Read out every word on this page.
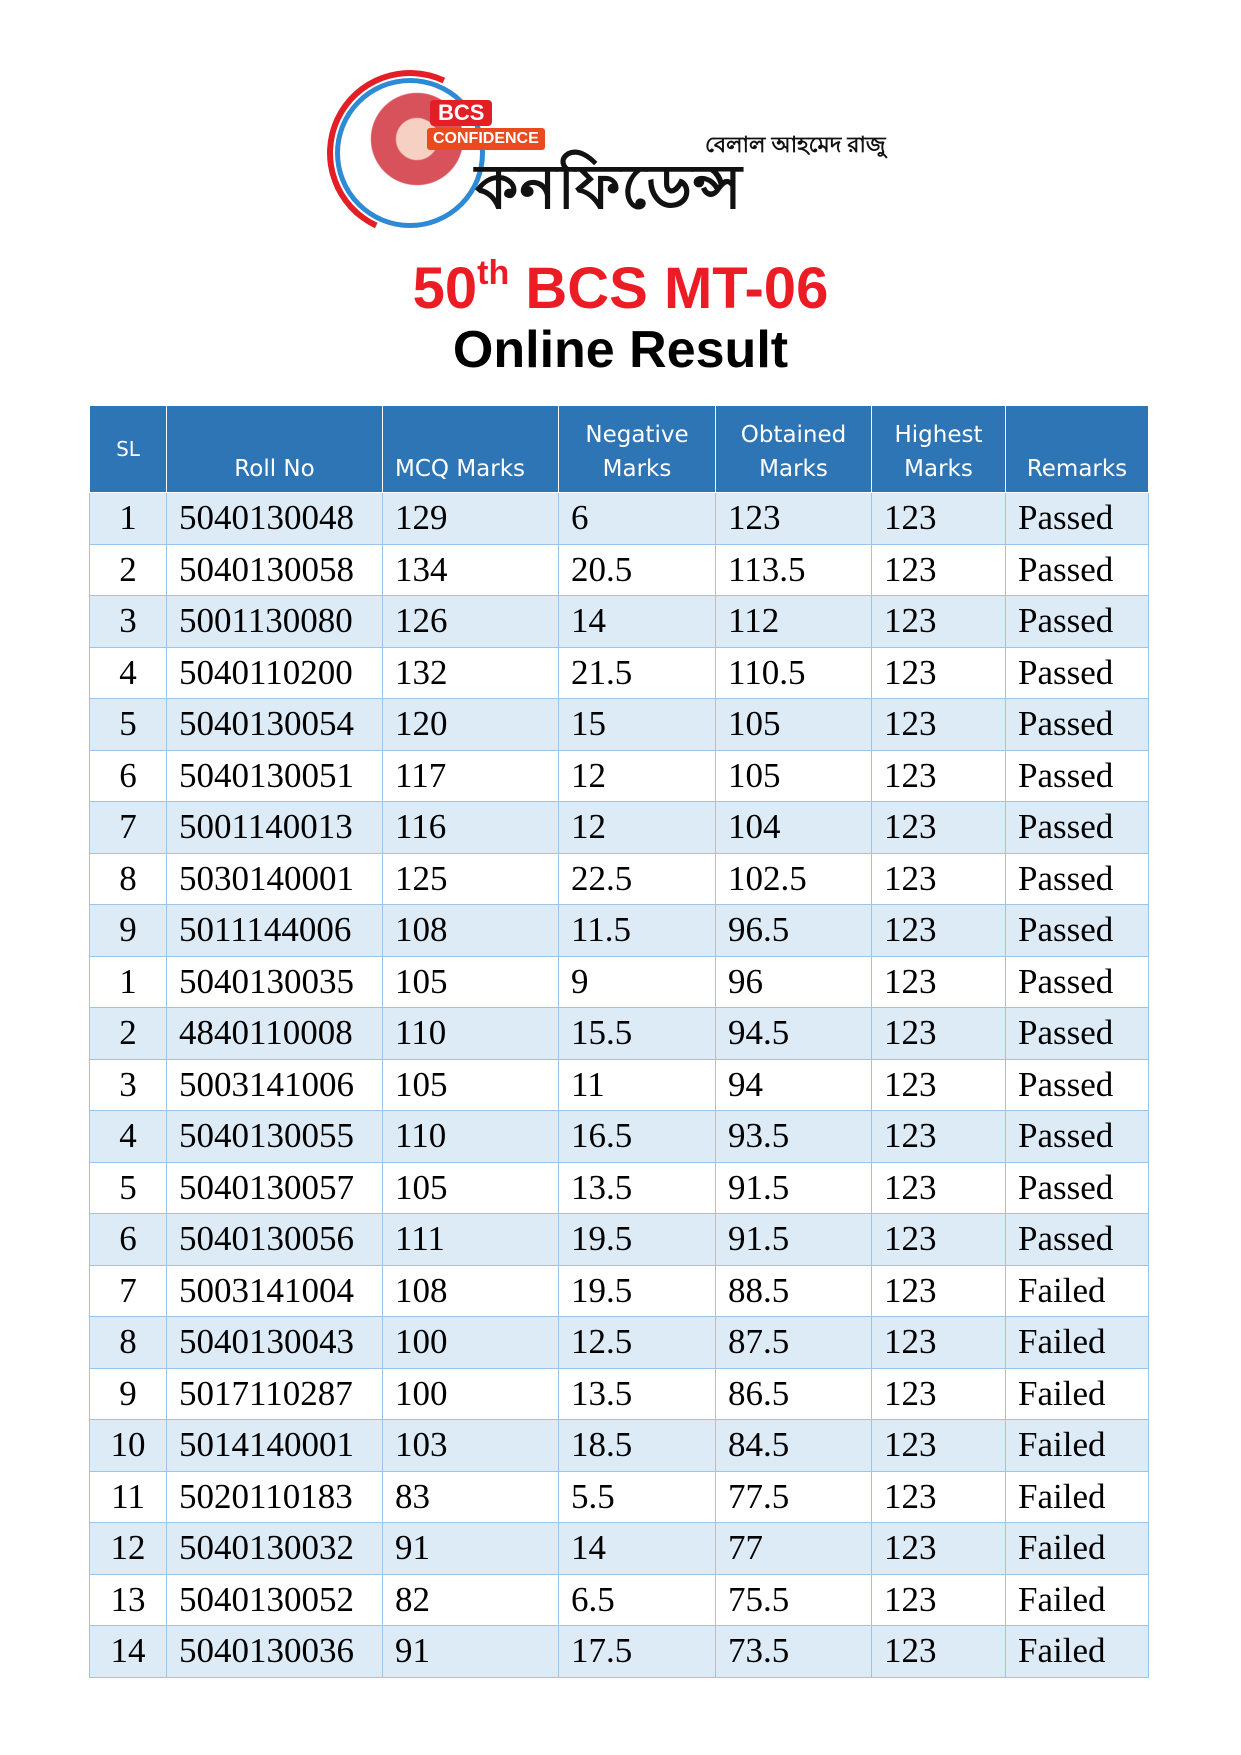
BCS
CONFIDENCE	বেলাল আহমেদ রাজু
কনফিডেন্স
50th BCS MT-06
Online Result
SL	Roll No	MCQ Marks	Negative Marks	Obtained Marks	Highest Marks	Remarks
1	5040130048	129	6	123	123	Passed
2	5040130058	134	20.5	113.5	123	Passed
3	5001130080	126	14	112	123	Passed
4	5040110200	132	21.5	110.5	123	Passed
5	5040130054	120	15	105	123	Passed
6	5040130051	117	12	105	123	Passed
7	5001140013	116	12	104	123	Passed
8	5030140001	125	22.5	102.5	123	Passed
9	5011144006	108	11.5	96.5	123	Passed
1	5040130035	105	9	96	123	Passed
2	4840110008	110	15.5	94.5	123	Passed
3	5003141006	105	11	94	123	Passed
4	5040130055	110	16.5	93.5	123	Passed
5	5040130057	105	13.5	91.5	123	Passed
6	5040130056	111	19.5	91.5	123	Passed
7	5003141004	108	19.5	88.5	123	Failed
8	5040130043	100	12.5	87.5	123	Failed
9	5017110287	100	13.5	86.5	123	Failed
10	5014140001	103	18.5	84.5	123	Failed
11	5020110183	83	5.5	77.5	123	Failed
12	5040130032	91	14	77	123	Failed
13	5040130052	82	6.5	75.5	123	Failed
14	5040130036	91	17.5	73.5	123	Failed
